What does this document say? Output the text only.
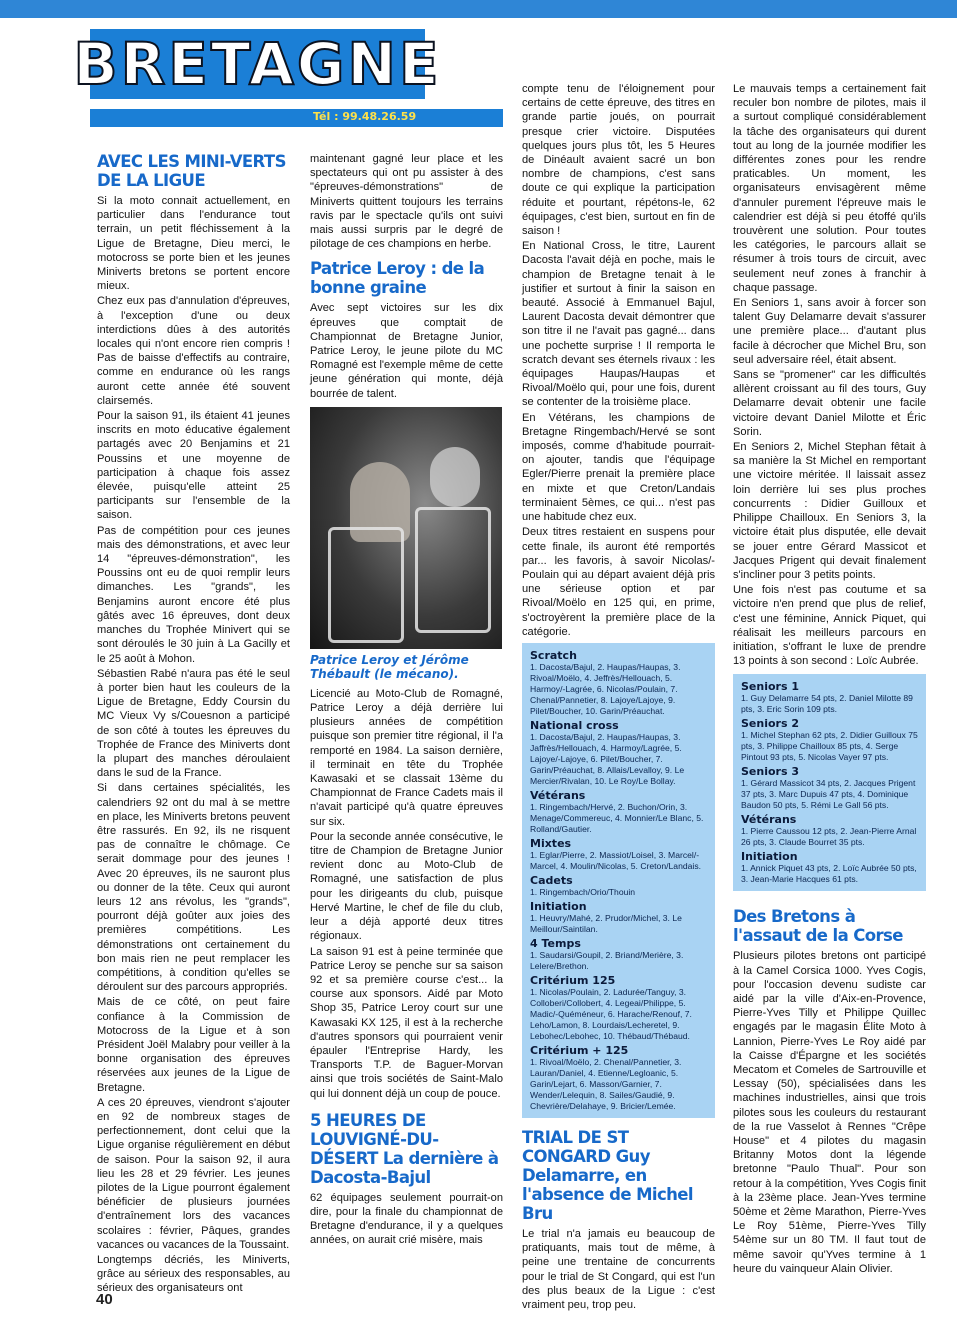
BRETAGNE
Tél : 99.48.26.59
AVEC LES MINI-VERTS DE LA LIGUE

Si la moto connait actuellement, en particulier dans l'endurance tout terrain, un petit fléchissement à la Ligue de Bretagne, Dieu merci, le motocross se porte bien et les jeunes Miniverts bretons se portent encore mieux.

Chez eux pas d'annulation d'épreuves, à l'exception d'une ou deux interdictions dûes à des autorités locales qui n'ont encore rien compris ! Pas de baisse d'effectifs au contraire, comme en endurance où les rangs auront cette année été souvent clairsemés.

Pour la saison 91, ils étaient 41 jeunes inscrits en moto éducative également partagés avec 20 Benjamins et 21 Poussins et une moyenne de participation à chaque fois assez élevée, puisqu'elle atteint 25 participants sur l'ensemble de la saison.

Pas de compétition pour ces jeunes mais des démonstrations, et avec leur 14 "épreuves-démonstration", les Poussins ont eu de quoi remplir leurs dimanches. Les "grands", les Benjamins auront encore été plus gâtés avec 16 épreuves, dont deux manches du Trophée Minivert qui se sont déroulés le 30 juin à La Gacilly et le 25 août à Mohon.

Sébastien Rabé n'aura pas été le seul à porter bien haut les couleurs de la Ligue de Bretagne, Eddy Coursin du MC Vieux Vy s/Couesnon a participé de son côté à toutes les épreuves du Trophée de France des Miniverts dont la plupart des manches déroulaient dans le sud de la France.

Si dans certaines spécialités, les calendriers 92 ont du mal à se mettre en place, les Miniverts bretons peuvent être rassurés. En 92, ils ne risquent pas de connaître le chômage. Ce serait dommage pour des jeunes ! Avec 20 épreuves, ils ne sauront plus ou donner de la tête. Ceux qui auront leurs 12 ans révolus, les "grands", pourront déjà goûter aux joies des premières compétitions. Les démonstrations ont certainement du bon mais rien ne peut remplacer les compétitions, à condition qu'elles se déroulent sur des parcours appropriés.

Mais de ce côté, on peut faire confiance à la Commission de Motocross de la Ligue et à son Président Joël Malabry pour veiller à la bonne organisation des épreuves réservées aux jeunes de la Ligue de Bretagne.

A ces 20 épreuves, viendront s'ajouter en 92 de nombreux stages de perfectionnement, dont celui que la Ligue organise régulièrement en début de saison. Pour la saison 92, il aura lieu les 28 et 29 février. Les jeunes pilotes de la Ligue pourront également bénéficier de plusieurs journées d'entraînement lors des vacances scolaires : février, Pâques, grandes vacances ou vacances de la Toussaint.

Longtemps décriés, les Miniverts, grâce au sérieux des responsables, au sérieux des organisateurs ont

maintenant gagné leur place et les spectateurs qui ont pu assister à des "épreuves-démonstrations" de Miniverts quittent toujours les terrains ravis par le spectacle qu'ils ont suivi mais aussi surpris par le degré de pilotage de ces champions en herbe.

Patrice Leroy : de la bonne graine

Avec sept victoires sur les dix épreuves que comptait de Championnat de Bretagne Junior, Patrice Leroy, le jeune pilote du MC Romagné est l'exemple même de cette jeune génération qui monte, déjà bourrée de talent.

Patrice Leroy et Jérôme Thébault (le mécano).

Licencié au Moto-Club de Romagné, Patrice Leroy a déjà derrière lui plusieurs années de compétition puisque son premier titre régional, il l'a remporté en 1984. La saison dernière, il terminait en tête du Trophée Kawasaki et se classait 13ème du Championnat de France Cadets mais il n'avait participé qu'à quatre épreuves sur six.

Pour la seconde année consécutive, le titre de Champion de Bretagne Junior revient donc au Moto-Club de Romagné, une satisfaction de plus pour les dirigeants du club, puisque Hervé Martine, le chef de file du club, leur a déjà apporté deux titres régionaux.

La saison 91 est à peine terminée que Patrice Leroy se penche sur sa saison 92 et sa première course c'est... la course aux sponsors. Aidé par Moto Shop 35, Patrice Leroy court sur une Kawasaki KX 125, il est à la recherche d'autres sponsors qui pourraient venir épauler l'Entreprise Hardy, les Transports T.P. de Baguer-Morvan ainsi que trois sociétés de Saint-Malo qui lui donnent déjà un coup de pouce.

5 HEURES DE LOUVIGNÉ-DU-DÉSERT La dernière à Dacosta-Bajul

62 équipages seulement pourrait-on dire, pour la finale du championnat de Bretagne d'endurance, il y a quelques années, on aurait crié misère, mais

compte tenu de l'éloignement pour certains de cette épreuve, des titres en grande partie joués, on pourrait presque crier victoire. Disputées quelques jours plus tôt, les 5 Heures de Dinéault avaient sacré un bon nombre de champions, c'est sans doute ce qui explique la participation réduite et pourtant, répétons-le, 62 équipages, c'est bien, surtout en fin de saison !

En National Cross, le titre, Laurent Dacosta l'avait déjà en poche, mais le champion de Bretagne tenait à le justifier et surtout à finir la saison en beauté. Associé à Emmanuel Bajul, Laurent Dacosta devait démontrer que son titre il ne l'avait pas gagné... dans une pochette surprise ! Il remporta le scratch devant ses éternels rivaux : les équipages Haupas/Haupas et Rivoal/Moëlo qui, pour une fois, durent se contenter de la troisième place.

En Vétérans, les champions de Bretagne Ringembach/Hervé se sont imposés, comme d'habitude pourrait-on ajouter, tandis que l'équipage Egler/Pierre prenait la première place en mixte et que Creton/Landais terminaient 5èmes, ce qui... n'est pas une habitude chez eux.

Deux titres restaient en suspens pour cette finale, ils auront été remportés par... les favoris, à savoir Nicolas/-Poulain qui au départ avaient déjà pris une sérieuse option et par Rivoal/Moëlo en 125 qui, en prime, s'octroyèrent la première place de la catégorie.

Scratch
1. Dacosta/Bajul, 2. Haupas/Haupas, 3. Rivoal/Moëlo, 4. Jeffrès/Hellouach, 5. Harmoy/-Lagrée, 6. Nicolas/Poulain, 7. Chenal/Pannetier, 8. Lajoye/Lajoye, 9. Pilet/Boucher, 10. Garin/Préauchat.
National cross
1. Dacosta/Bajul, 2. Haupas/Haupas, 3. Jaffrès/Hellouach, 4. Harmoy/Lagrée, 5. Lajoye/-Lajoye, 6. Pilet/Boucher, 7. Garin/Préauchat, 8. Allais/Levalloy, 9. Le Mercier/Rivalan, 10. Le Roy/Le Bollay.
Vétérans
1. Ringembach/Hervé, 2. Buchon/Orin, 3. Menage/Commereuc, 4. Monnier/Le Blanc, 5. Rolland/Gautier.
Mixtes
1. Eglar/Pierre, 2. Massiot/Loisel, 3. Marcel/-Marcel, 4. Moulin/Nicolas, 5. Creton/Landais.
Cadets
1. Ringembach/Orio/Thouin
Initiation
1. Heuvry/Mahé, 2. Prudor/Michel, 3. Le Meillour/Saintilan.
4 Temps
1. Saudarsi/Goupil, 2. Briand/Merière, 3. Lelere/Brethon.
Critérium 125
1. Nicolas/Poulain, 2. Ladurée/Tanguy, 3. Colloberi/Collobert, 4. Legeai/Philippe, 5. Madic/-Quéméneur, 6. Harache/Renouf, 7. Leho/Lamon, 8. Lourdais/Lecheretel, 9. Lebohec/Lebohec, 10. Thébaud/Thébaud.
Critérium + 125
1. Rivoal/Moëlo, 2. Chenal/Pannetier, 3. Lauran/Daniel, 4. Etienne/Legloanic, 5. Garin/Lejart, 6. Masson/Garnier, 7. Wender/Lelequin, 8. Sailes/Gaudié, 9. Chevrière/Delahaye, 9. Bricier/Lemée.
TRIAL DE ST CONGARD Guy Delamarre, en l'absence de Michel Bru

Le trial n'a jamais eu beaucoup de pratiquants, mais tout de même, à peine une trentaine de concurrents pour le trial de St Congard, qui est l'un des plus beaux de la Ligue : c'est vraiment peu, trop peu.

Le mauvais temps a certainement fait reculer bon nombre de pilotes, mais il a surtout compliqué considérablement la tâche des organisateurs qui durent tout au long de la journée modifier les différentes zones pour les rendre praticables. Un moment, les organisateurs envisagèrent même d'annuler purement l'épreuve mais le calendrier est déjà si peu étoffé qu'ils trouvèrent une solution. Pour toutes les catégories, le parcours allait se résumer à trois tours de circuit, avec seulement neuf zones à franchir à chaque passage.

En Seniors 1, sans avoir à forcer son talent Guy Delamarre devait s'assurer une première place... d'autant plus facile à décrocher que Michel Bru, son seul adversaire réel, était absent.

Sans se "promener" car les difficultés allèrent croissant au fil des tours, Guy Delamarre devait obtenir une facile victoire devant Daniel Milotte et Éric Sorin.

En Seniors 2, Michel Stephan fêtait à sa manière la St Michel en remportant une victoire méritée. Il laissait assez loin derrière lui ses plus proches concurrents : Didier Guilloux et Philippe Chailloux. En Seniors 3, la victoire était plus disputée, elle devait se jouer entre Gérard Massicot et Jacques Prigent qui devait finalement s'incliner pour 3 petits points.

Une fois n'est pas coutume et sa victoire n'en prend que plus de relief, c'est une féminine, Annick Piquet, qui réalisait les meilleurs parcours en initiation, s'offrant le luxe de prendre 13 points à son second : Loïc Aubrée.

Seniors 1
1. Guy Delamarre 54 pts, 2. Daniel Milotte 89 pts, 3. Eric Sorin 109 pts.
Seniors 2
1. Michel Stephan 62 pts, 2. Didier Guilloux 75 pts, 3. Philippe Chailloux 85 pts, 4. Serge Pintout 93 pts, 5. Nicolas Vayer 97 pts.
Seniors 3
1. Gérard Massicot 34 pts, 2. Jacques Prigent 37 pts, 3. Marc Dupuis 47 pts, 4. Dominique Baudon 50 pts, 5. Rémi Le Gall 56 pts.
Vétérans
1. Pierre Caussou 12 pts, 2. Jean-Pierre Arnal 26 pts, 3. Claude Bourret 35 pts.
Initiation
1. Annick Piquet 43 pts, 2. Loïc Aubrée 50 pts, 3. Jean-Marie Hacques 61 pts.
Des Bretons à l'assaut de la Corse

Plusieurs pilotes bretons ont participé à la Camel Corsica 1000. Yves Cogis, pour l'occasion devenu sudiste car aidé par la ville d'Aix-en-Provence, Pierre-Yves Tilly et Philippe Quillec engagés par le magasin Élite Moto à Lannion, Pierre-Yves Le Roy aidé par la Caisse d'Épargne et les sociétés Mecatom et Comeles de Sartrouville et Lessay (50), spécialisées dans les machines industrielles, ainsi que trois pilotes sous les couleurs du restaurant de la rue Vasselot à Rennes "Crêpe House" et 4 pilotes du magasin Britanny Motos dont la légende bretonne "Paulo Thual". Pour son retour à la compétition, Yves Cogis finit à la 23ème place. Jean-Yves termine 50ème et 2ème Marathon, Pierre-Yves Le Roy 51ème, Pierre-Yves Tilly 54ème sur un 80 TM. Il faut tout de même savoir qu'Yves termine à 1 heure du vainqueur Alain Olivier.

40
